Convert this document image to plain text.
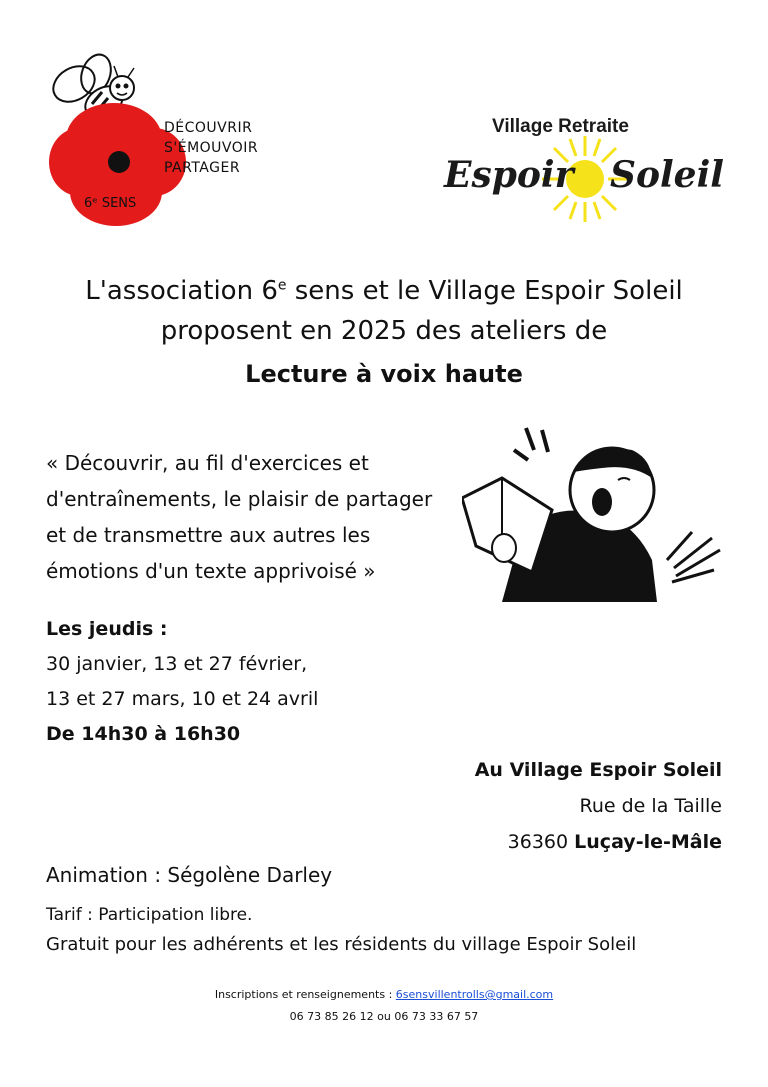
DÉCOUVRIR
S'ÉMOUVOIR
PARTAGER
6ᵉ SENS
Village Retraite
Espoir Soleil
L'association 6e sens et le Village Espoir Soleil
proposent en 2025 des ateliers de
Lecture à voix haute
« Découvrir, au fil d'exercices et
d'entraînements, le plaisir de partager
et de transmettre aux autres les
émotions d'un texte apprivoisé »
Les jeudis :
30 janvier, 13 et 27 février,
13 et 27 mars, 10 et 24 avril
De 14h30 à 16h30
Au Village Espoir Soleil
Rue de la Taille
36360 Luçay-le-Mâle
Animation : Ségolène Darley
Tarif : Participation libre.
Gratuit pour les adhérents et les résidents du village Espoir Soleil
Inscriptions et renseignements : 6sensvillentrolls@gmail.com
06 73 85 26 12 ou 06 73 33 67 57
